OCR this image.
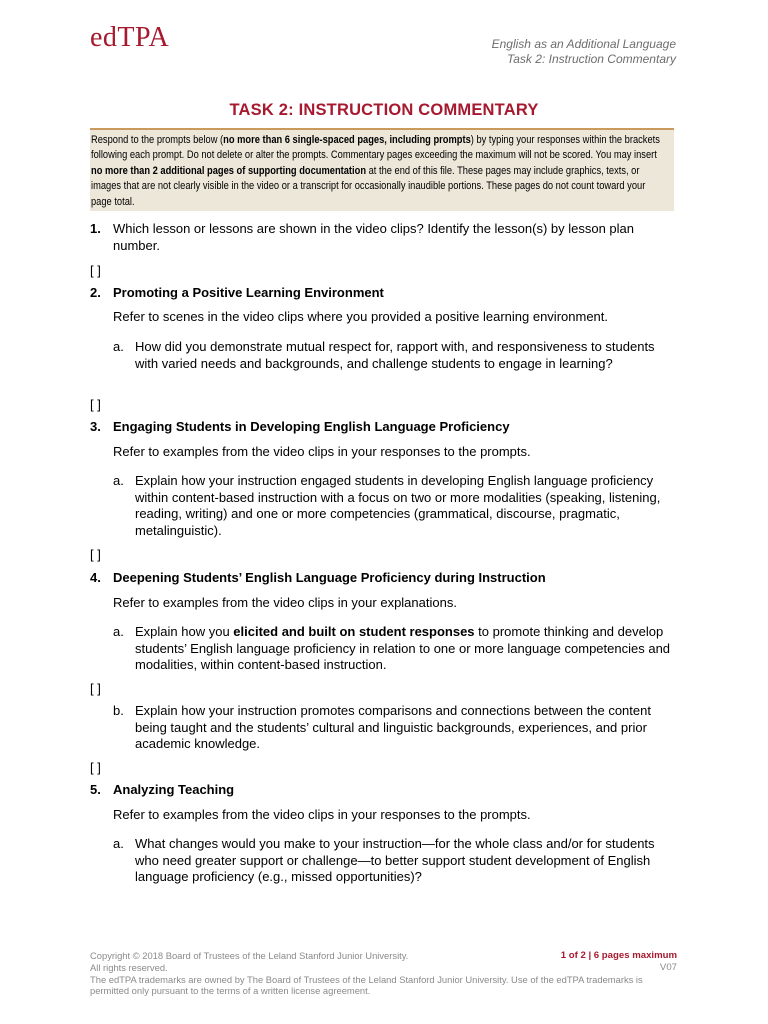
edTPA	English as an Additional Language
Task 2: Instruction Commentary
TASK 2: INSTRUCTION COMMENTARY
Respond to the prompts below (no more than 6 single-spaced pages, including prompts) by typing your responses within the brackets following each prompt. Do not delete or alter the prompts. Commentary pages exceeding the maximum will not be scored. You may insert no more than 2 additional pages of supporting documentation at the end of this file. These pages may include graphics, texts, or images that are not clearly visible in the video or a transcript for occasionally inaudible portions. These pages do not count toward your page total.
1. Which lesson or lessons are shown in the video clips? Identify the lesson(s) by lesson plan number.
[ ]
2. Promoting a Positive Learning Environment
Refer to scenes in the video clips where you provided a positive learning environment.
a. How did you demonstrate mutual respect for, rapport with, and responsiveness to students with varied needs and backgrounds, and challenge students to engage in learning?
[ ]
3. Engaging Students in Developing English Language Proficiency
Refer to examples from the video clips in your responses to the prompts.
a. Explain how your instruction engaged students in developing English language proficiency within content-based instruction with a focus on two or more modalities (speaking, listening, reading, writing) and one or more competencies (grammatical, discourse, pragmatic, metalinguistic).
[ ]
4. Deepening Students’ English Language Proficiency during Instruction
Refer to examples from the video clips in your explanations.
a. Explain how you elicited and built on student responses to promote thinking and develop students’ English language proficiency in relation to one or more language competencies and modalities, within content-based instruction.
[ ]
b. Explain how your instruction promotes comparisons and connections between the content being taught and the students’ cultural and linguistic backgrounds, experiences, and prior academic knowledge.
[ ]
5. Analyzing Teaching
Refer to examples from the video clips in your responses to the prompts.
a. What changes would you make to your instruction—for the whole class and/or for students who need greater support or challenge—to better support student development of English language proficiency (e.g., missed opportunities)?
Copyright © 2018 Board of Trustees of the Leland Stanford Junior University.
All rights reserved.
The edTPA trademarks are owned by The Board of Trustees of the Leland Stanford Junior University. Use of the edTPA trademarks is permitted only pursuant to the terms of a written license agreement.
1 of 2 | 6 pages maximum
V07
